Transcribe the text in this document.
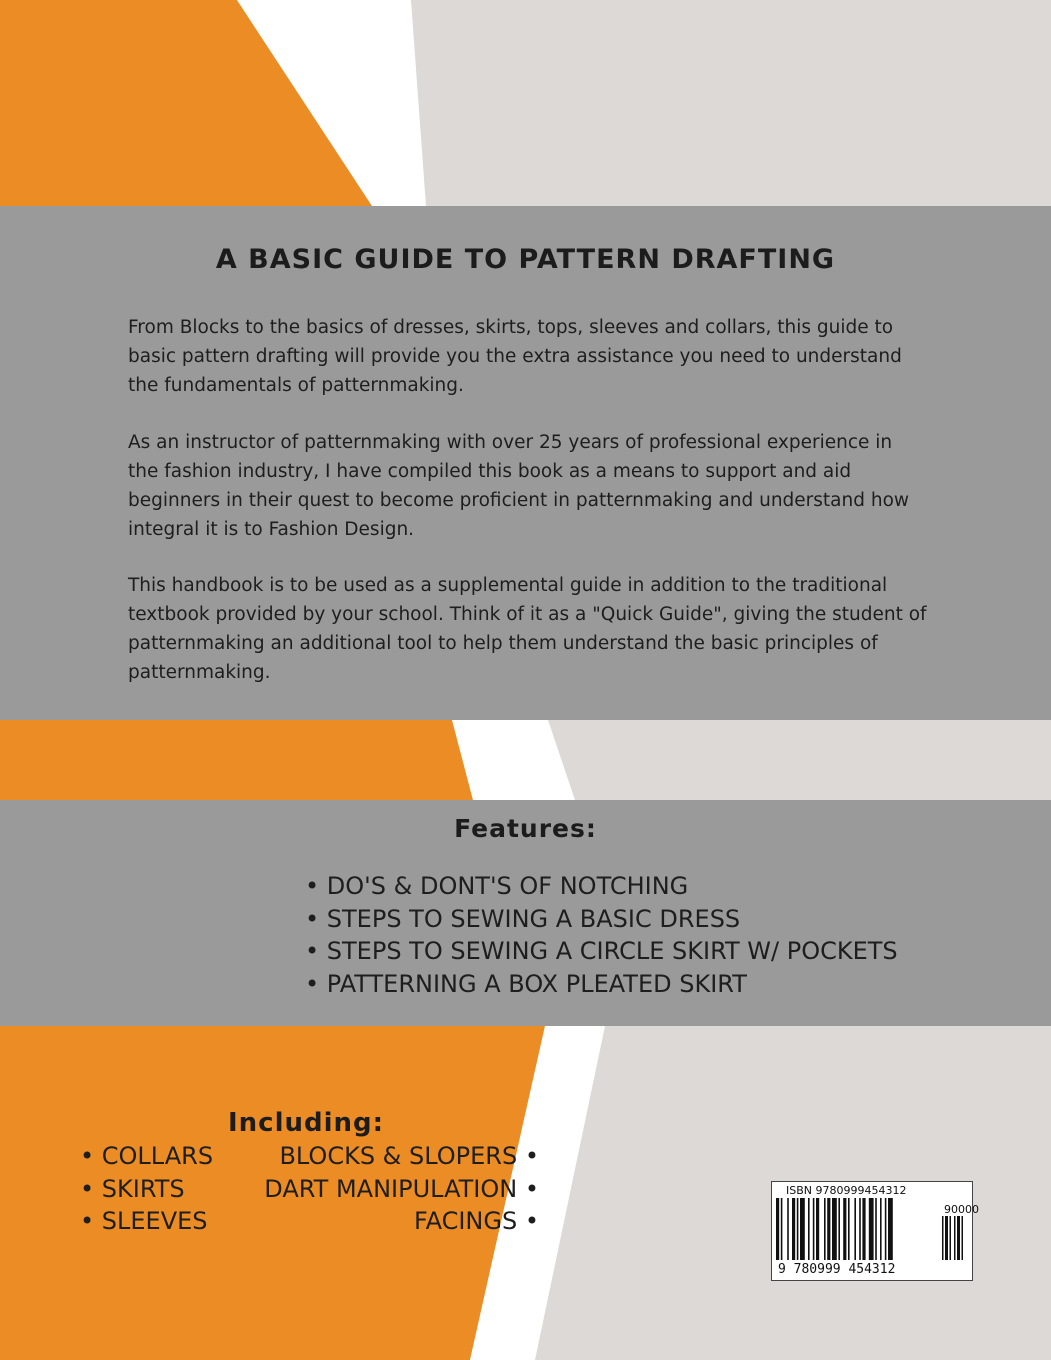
A BASIC GUIDE TO PATTERN DRAFTING

From Blocks to the basics of dresses, skirts, tops, sleeves and collars, this guide to basic pattern drafting will provide you the extra assistance you need to understand the fundamentals of patternmaking.

As an instructor of patternmaking with over 25 years of professional experience in the fashion industry, I have compiled this book as a means to support and aid beginners in their quest to become proficient in patternmaking and understand how integral it is to Fashion Design.

This handbook is to be used as a supplemental guide in addition to the traditional textbook provided by your school. Think of it as a "Quick Guide", giving the student of patternmaking an additional tool to help them understand the basic principles of patternmaking.

Features:
• DO'S & DONT'S OF NOTCHING
• STEPS TO SEWING A BASIC DRESS
• STEPS TO SEWING A CIRCLE SKIRT W/ POCKETS
• PATTERNING A BOX PLEATED SKIRT
Including:
• COLLARS
• SKIRTS
• SLEEVES
BLOCKS & SLOPERS •
DART MANIPULATION •
FACINGS •
ISBN 9780999454312
90000
9 780999 454312
